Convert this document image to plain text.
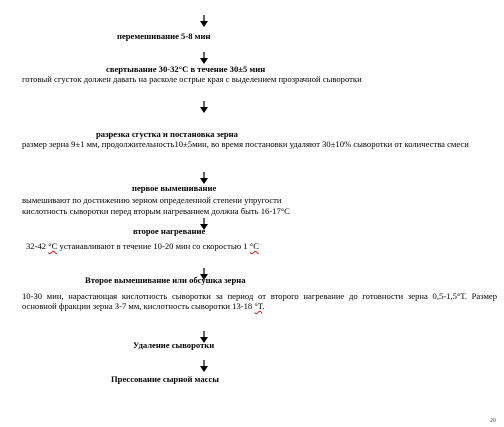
перемешивание 5-8 мин
свертывание 30-32°С в течение 30±5 мин
готовый сгусток должен давать на расколе острые края с выделением прозрачной сыворотки
разрезка сгустка и постановка зерна
размер зерна 9±1 мм, продолжительность10±5мин, во время постановки удаляют 30±10% сыворотки от количества смеси
первое вымешивание
вымешивают по достижению зерном определенной степени упругости
кислотность сыворотки перед вторым нагреванием должна быть 16-17°С
второе нагревание
32-42 °С устанавливают в течение 10-20 мин со скоростью 1 °С
Второе вымешивание или обсушка зерна
10-30 мин, нарастающая кислотность сыворотки за период от второго нагревание до готовности зерна 0,5-1,5°Т. Размер основной фракции зерна 3-7 мм, кислотность сыворотки 13-18 °Т.
Удаление сыворотки
Прессование сырной массы
20
